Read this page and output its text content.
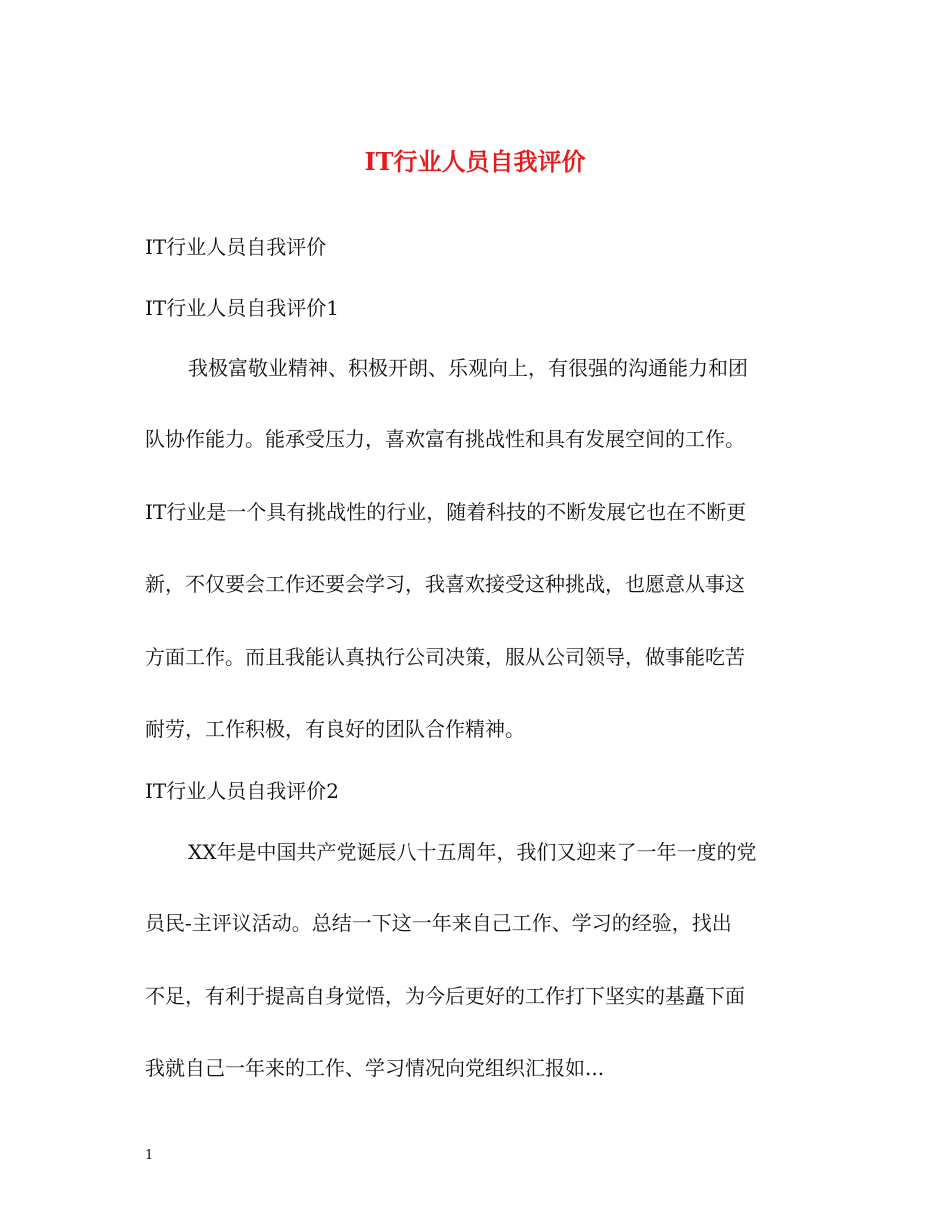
IT行业人员自我评价
IT行业人员自我评价
IT行业人员自我评价1
我极富敬业精神、积极开朗、乐观向上，有很强的沟通能力和团
队协作能力。能承受压力，喜欢富有挑战性和具有发展空间的工作。
IT行业是一个具有挑战性的行业，随着科技的不断发展它也在不断更
新，不仅要会工作还要会学习，我喜欢接受这种挑战，也愿意从事这
方面工作。而且我能认真执行公司决策，服从公司领导，做事能吃苦
耐劳，工作积极，有良好的团队合作精神。
IT行业人员自我评价2
XX年是中国共产党诞辰八十五周年，我们又迎来了一年一度的党
员民-主评议活动。总结一下这一年来自己工作、学习的经验，找出
不足，有利于提高自身觉悟，为今后更好的工作打下坚实的基矗下面
我就自己一年来的工作、学习情况向党组织汇报如...
1
